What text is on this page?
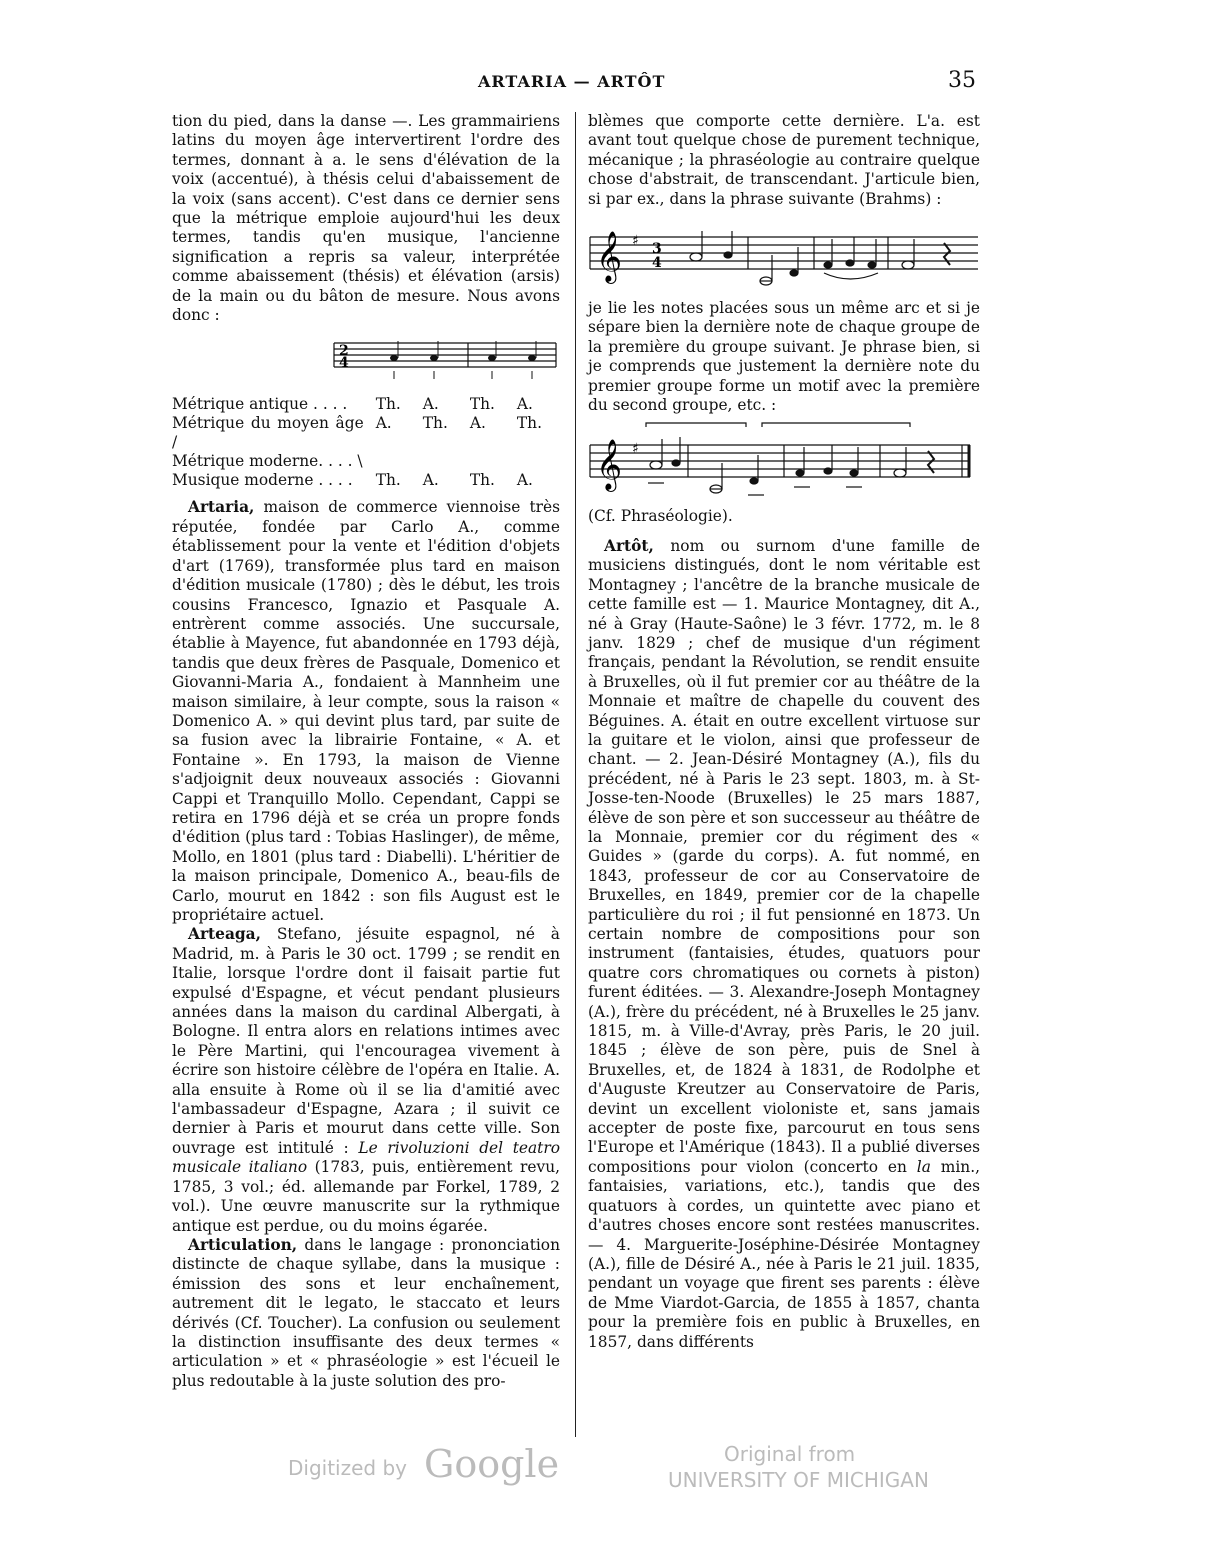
ARTARIA — ARTÔT	35

tion du pied, dans la danse —. Les grammairiens latins du moyen âge intervertirent l'ordre des termes, donnant à a. le sens d'élévation de la voix (accentué), à thésis celui d'abaissement de la voix (sans accent). C'est dans ce dernier sens que la métrique emploie aujourd'hui les deux termes, tandis qu'en musique, l'ancienne signification a repris sa valeur, interprétée comme abaissement (thésis) et élévation (arsis) de la main ou du bâton de mesure. Nous avons donc :

2
4
Métrique antique . . . .	Th.	A.	Th.	A.
Métrique du moyen âge /	A.	Th.	A.	Th.
Métrique moderne. . . . \				
Musique moderne . . . .	Th.	A.	Th.	A.

Artaria, maison de commerce viennoise très réputée, fondée par Carlo A., comme établissement pour la vente et l'édition d'objets d'art (1769), transformée plus tard en maison d'édition musicale (1780) ; dès le début, les trois cousins Francesco, Ignazio et Pasquale A. entrèrent comme associés. Une succursale, établie à Mayence, fut abandonnée en 1793 déjà, tandis que deux frères de Pasquale, Domenico et Giovanni-Maria A., fondaient à Mannheim une maison similaire, à leur compte, sous la raison « Domenico A. » qui devint plus tard, par suite de sa fusion avec la librairie Fontaine, « A. et Fontaine ». En 1793, la maison de Vienne s'adjoignit deux nouveaux associés : Giovanni Cappi et Tranquillo Mollo. Cependant, Cappi se retira en 1796 déjà et se créa un propre fonds d'édition (plus tard : Tobias Haslinger), de même, Mollo, en 1801 (plus tard : Diabelli). L'héritier de la maison principale, Domenico A., beau-fils de Carlo, mourut en 1842 : son fils August est le propriétaire actuel.

Arteaga, Stefano, jésuite espagnol, né à Madrid, m. à Paris le 30 oct. 1799 ; se rendit en Italie, lorsque l'ordre dont il faisait partie fut expulsé d'Espagne, et vécut pendant plusieurs années dans la maison du cardinal Albergati, à Bologne. Il entra alors en relations intimes avec le Père Martini, qui l'encouragea vivement à écrire son histoire célèbre de l'opéra en Italie. A. alla ensuite à Rome où il se lia d'amitié avec l'ambassadeur d'Espagne, Azara ; il suivit ce dernier à Paris et mourut dans cette ville. Son ouvrage est intitulé : Le rivoluzioni del teatro musicale italiano (1783, puis, entièrement revu, 1785, 3 vol.; éd. allemande par Forkel, 1789, 2 vol.). Une œuvre manuscrite sur la rythmique antique est perdue, ou du moins égarée.

Articulation, dans le langage : prononciation distincte de chaque syllabe, dans la musique : émission des sons et leur enchaînement, autrement dit le legato, le staccato et leurs dérivés (Cf. Toucher). La confusion ou seulement la distinction insuffisante des deux termes « articulation » et « phraséologie » est l'écueil le plus redoutable à la juste solution des pro-

blèmes que comporte cette dernière. L'a. est avant tout quelque chose de purement technique, mécanique ; la phraséologie au contraire quelque chose d'abstrait, de transcendant. J'articule bien, si par ex., dans la phrase suivante (Brahms) :

𝄞 ♯ 3
4

je lie les notes placées sous un même arc et si je sépare bien la dernière note de chaque groupe de la première du groupe suivant. Je phrase bien, si je comprends que justement la dernière note du premier groupe forme un motif avec la première du second groupe, etc. :

𝄞 ♯

(Cf. Phraséologie).

Artôt, nom ou surnom d'une famille de musiciens distingués, dont le nom véritable est Montagney ; l'ancêtre de la branche musicale de cette famille est — 1. Maurice Montagney, dit A., né à Gray (Haute-Saône) le 3 févr. 1772, m. le 8 janv. 1829 ; chef de musique d'un régiment français, pendant la Révolution, se rendit ensuite à Bruxelles, où il fut premier cor au théâtre de la Monnaie et maître de chapelle du couvent des Béguines. A. était en outre excellent virtuose sur la guitare et le violon, ainsi que professeur de chant. — 2. Jean-Désiré Montagney (A.), fils du précédent, né à Paris le 23 sept. 1803, m. à St-Josse-ten-Noode (Bruxelles) le 25 mars 1887, élève de son père et son successeur au théâtre de la Monnaie, premier cor du régiment des « Guides » (garde du corps). A. fut nommé, en 1843, professeur de cor au Conservatoire de Bruxelles, en 1849, premier cor de la chapelle particulière du roi ; il fut pensionné en 1873. Un certain nombre de compositions pour son instrument (fantaisies, études, quatuors pour quatre cors chromatiques ou cornets à piston) furent éditées. — 3. Alexandre-Joseph Montagney (A.), frère du précédent, né à Bruxelles le 25 janv. 1815, m. à Ville-d'Avray, près Paris, le 20 juil. 1845 ; élève de son père, puis de Snel à Bruxelles, et, de 1824 à 1831, de Rodolphe et d'Auguste Kreutzer au Conservatoire de Paris, devint un excellent violoniste et, sans jamais accepter de poste fixe, parcourut en tous sens l'Europe et l'Amérique (1843). Il a publié diverses compositions pour violon (concerto en la min., fantaisies, variations, etc.), tandis que des quatuors à cordes, un quintette avec piano et d'autres choses encore sont restées manuscrites. — 4. Marguerite-Joséphine-Désirée Montagney (A.), fille de Désiré A., née à Paris le 21 juil. 1835, pendant un voyage que firent ses parents : élève de Mme Viardot-Garcia, de 1855 à 1857, chanta pour la première fois en public à Bruxelles, en 1857, dans différents

Digitized by Google	Original from
UNIVERSITY OF MICHIGAN
